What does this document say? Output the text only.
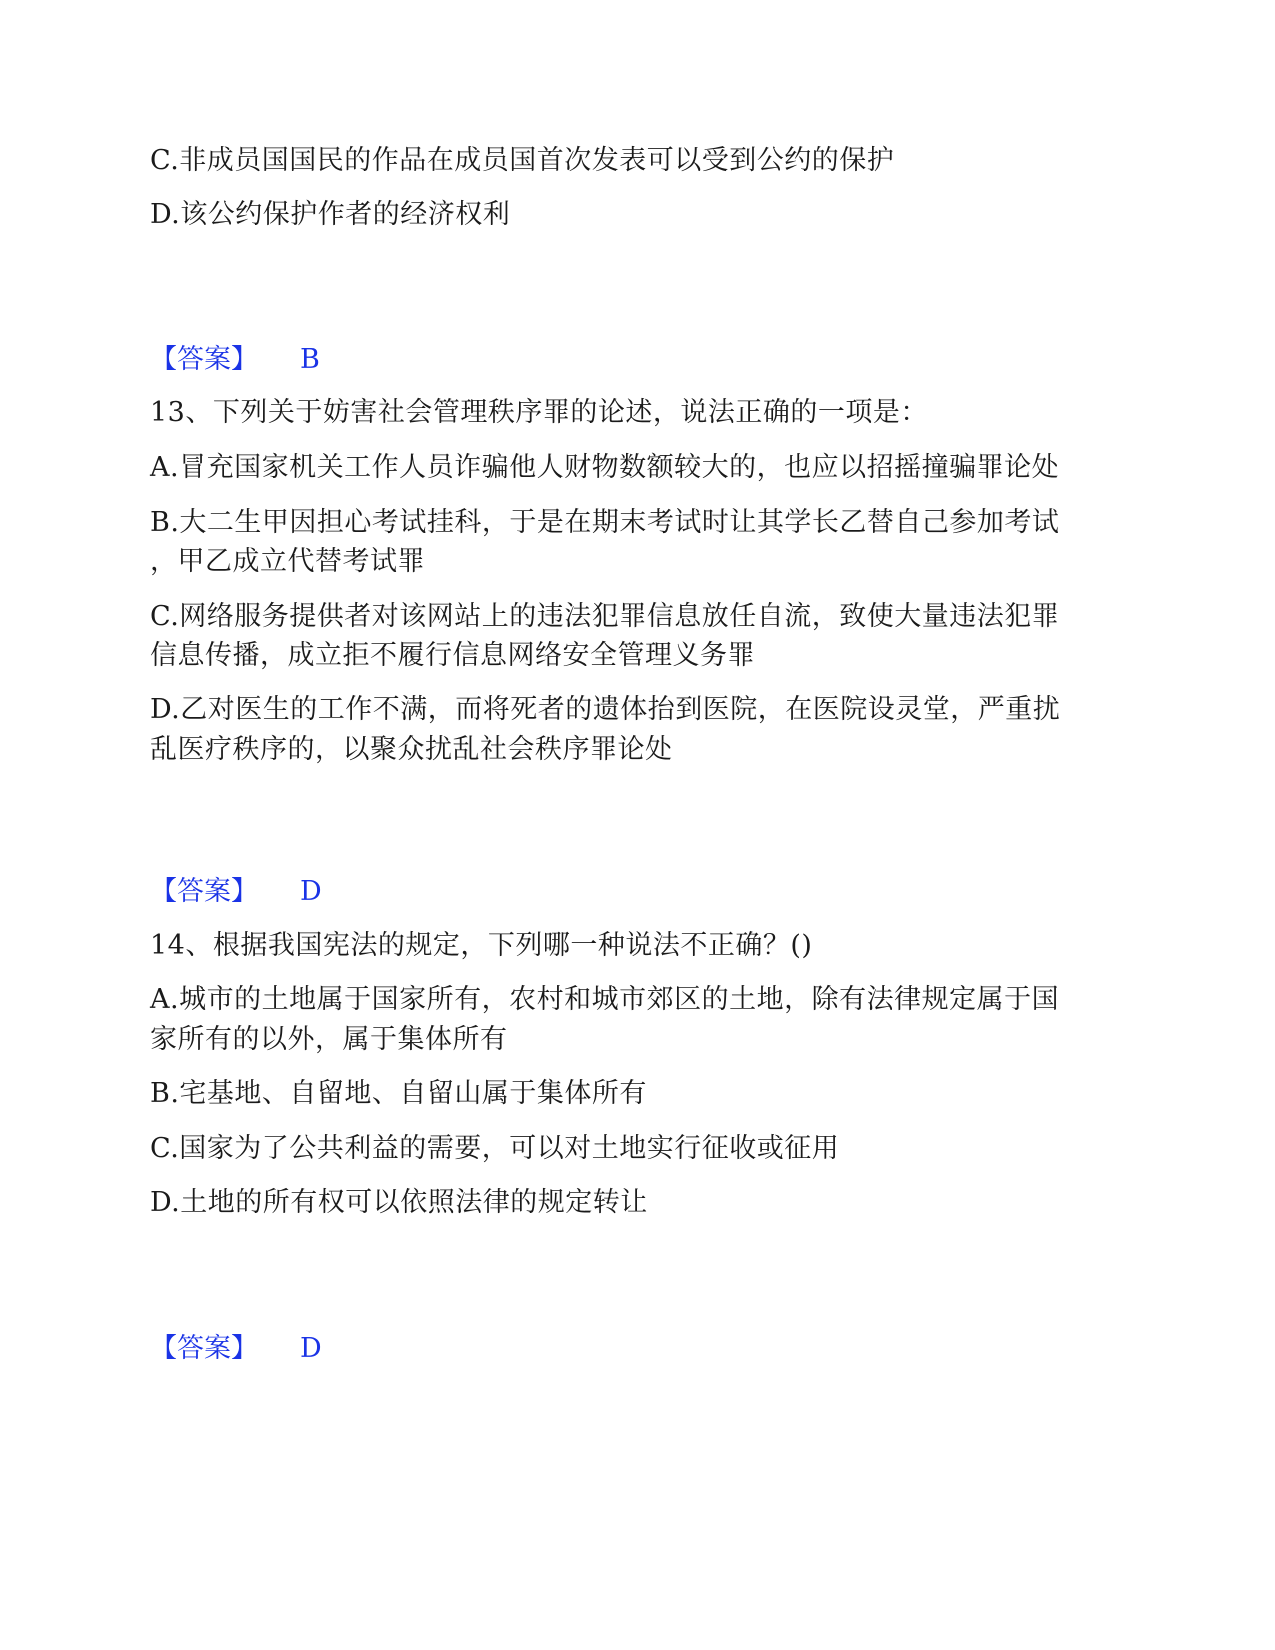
C.非成员国国民的作品在成员国首次发表可以受到公约的保护
D.该公约保护作者的经济权利
【答案】 B
13、下列关于妨害社会管理秩序罪的论述，说法正确的一项是：
A.冒充国家机关工作人员诈骗他人财物数额较大的，也应以招摇撞骗罪论处
B.大二生甲因担心考试挂科，于是在期末考试时让其学长乙替自己参加考试
，甲乙成立代替考试罪
C.网络服务提供者对该网站上的违法犯罪信息放任自流，致使大量违法犯罪
信息传播，成立拒不履行信息网络安全管理义务罪
D.乙对医生的工作不满，而将死者的遗体抬到医院，在医院设灵堂，严重扰
乱医疗秩序的，以聚众扰乱社会秩序罪论处
【答案】 D
14、根据我国宪法的规定，下列哪一种说法不正确？()
A.城市的土地属于国家所有，农村和城市郊区的土地，除有法律规定属于国
家所有的以外，属于集体所有
B.宅基地、自留地、自留山属于集体所有
C.国家为了公共利益的需要，可以对土地实行征收或征用
D.土地的所有权可以依照法律的规定转让
【答案】 D
